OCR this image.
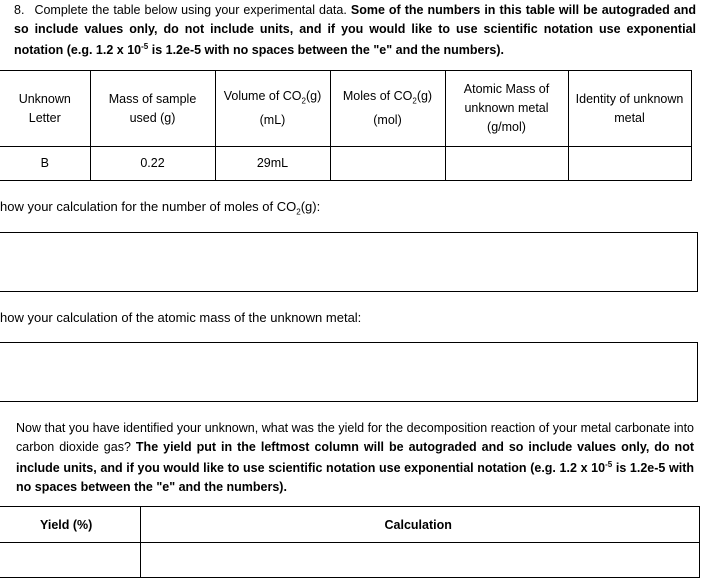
8. Complete the table below using your experimental data. Some of the numbers in this table will be autograded and so include values only, do not include units, and if you would like to use scientific notation use exponential notation (e.g. 1.2 x $10^{-5}$ is 1.2e-5 with no spaces between the "e" and the numbers).
Unknown Letter	Mass of sample used (g)	Volume of $CO_2(g)$ (mL)	Moles of $CO_2(g)$ (mol)	Atomic Mass of unknown metal (g/mol)	Identity of unknown metal
B	0.22	29mL			
how your calculation for the number of moles of $CO_2(g)$:
how your calculation of the atomic mass of the unknown metal:
Now that you have identified your unknown, what was the yield for the decomposition reaction of your metal carbonate into carbon dioxide gas? The yield put in the leftmost column will be autograded and so include values only, do not include units, and if you would like to use scientific notation use exponential notation (e.g. 1.2 x $10^{-5}$ is 1.2e-5 with no spaces between the "e" and the numbers).
Yield (%)	Calculation
